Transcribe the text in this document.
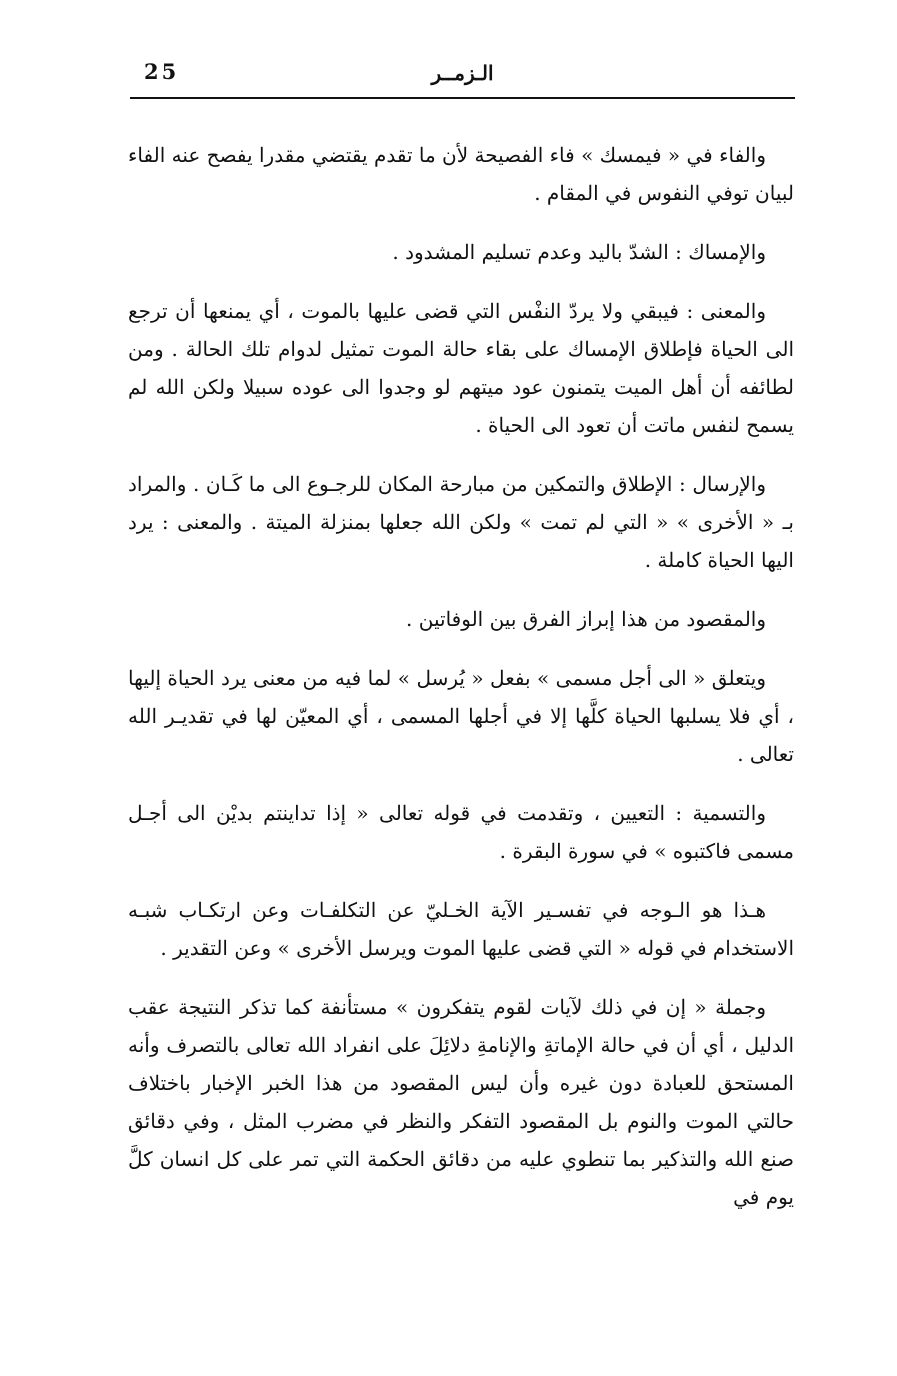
25	الـزمــر

والفاء في « فيمسك » فاء الفصيحة لأن ما تقدم يقتضي مقدرا يفصح عنه الفاء لبيان توفي النفوس في المقام .

والإمساك : الشدّ باليد وعدم تسليم المشدود .

والمعنى : فيبقي ولا يردّ النفْس التي قضى عليها بالموت ، أي يمنعها أن ترجع الى الحياة فإطلاق الإمساك على بقاء حالة الموت تمثيل لدوام تلك الحالة . ومن لطائفه أن أهل الميت يتمنون عود ميتهم لو وجدوا الى عوده سبيلا ولكن الله لم يسمح لنفس ماتت أن تعود الى الحياة .

والإرسال : الإطلاق والتمكين من مبارحة المكان للرجـوع الى ما كَـان . والمراد بـ « الأخرى » « التي لم تمت » ولكن الله جعلها بمنزلة الميتة . والمعنى : يرد اليها الحياة كاملة .

والمقصود من هذا إبراز الفرق بين الوفاتين .

ويتعلق « الى أجل مسمى » بفعل « يُرسل » لما فيه من معنى يرد الحياة إليها ، أي فلا يسلبها الحياة كلَّها إلا في أجلها المسمى ، أي المعيّن لها في تقديـر الله تعالى .

والتسمية : التعيين ، وتقدمت في قوله تعالى « إذا تداينتم بديْن الى أجـل مسمى فاكتبوه » في سورة البقرة .

هـذا هو الـوجه في تفسـير الآية الخـليّ عن التكلفـات وعن ارتكـاب شبـه الاستخدام في قوله « التي قضى عليها الموت ويرسل الأخرى » وعن التقدير .

وجملة « إن في ذلك لآيات لقوم يتفكرون » مستأنفة كما تذكر النتيجة عقب الدليل ، أي أن في حالة الإماتةِ والإنامةِ دلائِلَ على انفراد الله تعالى بالتصرف وأنه المستحق للعبادة دون غيره وأن ليس المقصود من هذا الخبر الإخبار باختلاف حالتي الموت والنوم بل المقصود التفكر والنظر في مضرب المثل ، وفي دقائق صنع الله والتذكير بما تنطوي عليه من دقائق الحكمة التي تمر على كل انسان كلَّ يوم في
